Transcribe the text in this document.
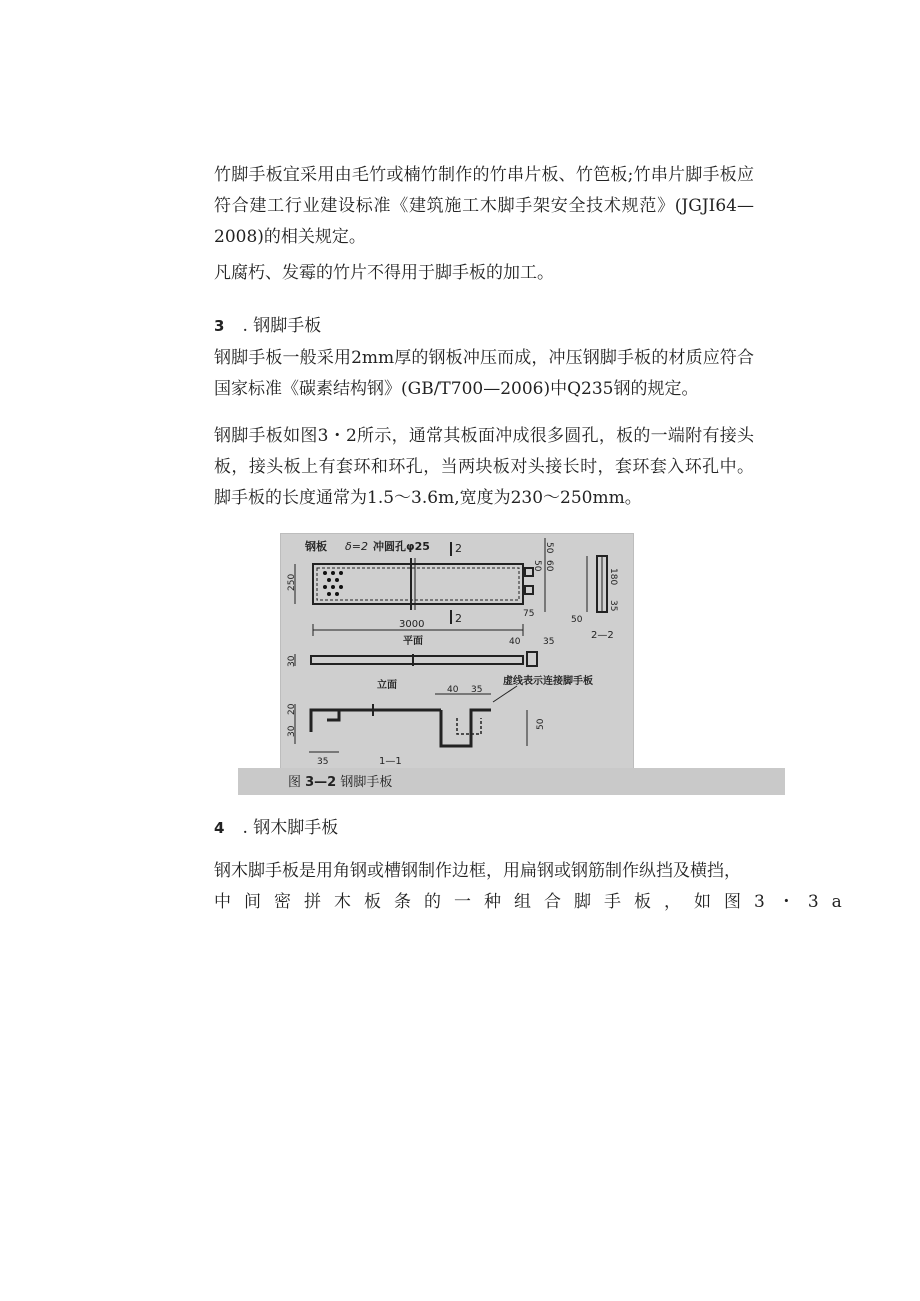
竹脚手板宜采用由毛竹或楠竹制作的竹串片板、竹笆板;竹串片脚手板应符合建工行业建设标准《建筑施工木脚手架安全技术规范》(JGJI64—2008)的相关规定。
凡腐朽、发霉的竹片不得用于脚手板的加工。
3 . 钢脚手板
钢脚手板一般采用2mm厚的钢板冲压而成，冲压钢脚手板的材质应符合国家标准《碳素结构钢》(GB/T700—2006)中Q235钢的规定。
钢脚手板如图3・2所示，通常其板面冲成很多圆孔，板的一端附有接头板，接头板上有套环和环孔，当两块板对头接长时，套环套入环孔中。脚手板的长度通常为1.5～3.6m,宽度为230～250mm。
钢板 δ=2 冲圆孔φ25 2
2
3000
平面
250
75
50
60
50
50
180
35
2—2
40	35
30
立面	40 35
虚线表示连接脚手板
50
20
30
35	1—1
图 3—2 钢脚手板
4 . 钢木脚手板
钢木脚手板是用角钢或槽钢制作边框，用扁钢或钢筋制作纵挡及横挡，
中间密拼木板条的一种组合脚手板，如图3・3a
